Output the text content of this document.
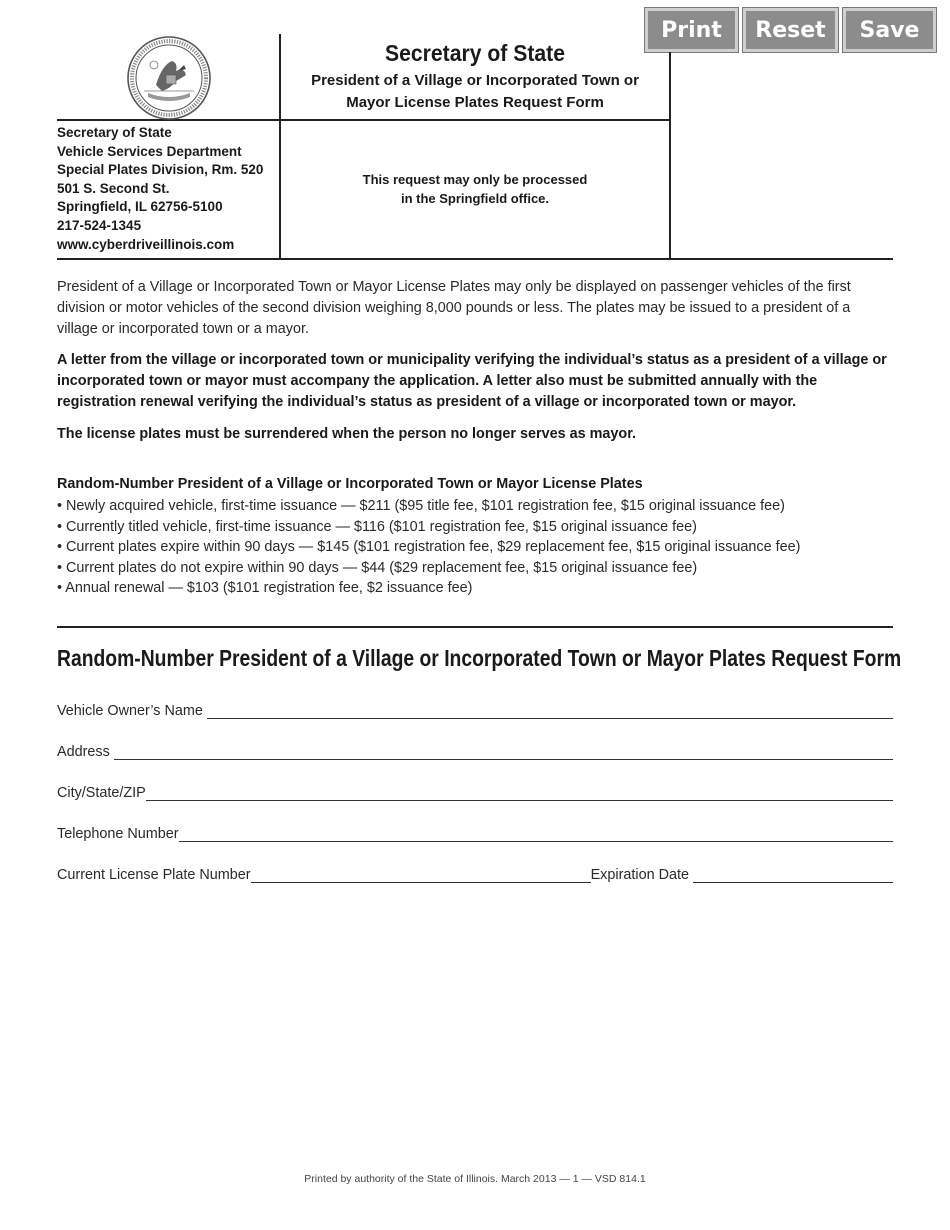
Print	Reset	Save
Secretary of State
President of a Village or Incorporated Town or
Mayor License Plates Request Form
Secretary of State
Vehicle Services Department
Special Plates Division, Rm. 520
501 S. Second St.
Springfield, IL 62756-5100
217-524-1345
www.cyberdriveillinois.com
This request may only be processed
in the Springfield office.
President of a Village or Incorporated Town or Mayor License Plates may only be displayed on passenger vehicles of the first division or motor vehicles of the second division weighing 8,000 pounds or less. The plates may be issued to a president of a village or incorporated town or a mayor.
A letter from the village or incorporated town or municipality verifying the individual’s status as a president of a village or incorporated town or mayor must accompany the application. A letter also must be submitted annually with the registration renewal verifying the individual’s status as president of a village or incorporated town or mayor.
The license plates must be surrendered when the person no longer serves as mayor.
Random-Number President of a Village or Incorporated Town or Mayor License Plates
• Newly acquired vehicle, first-time issuance — $211 ($95 title fee, $101 registration fee, $15 original issuance fee)
• Currently titled vehicle, first-time issuance — $116 ($101 registration fee, $15 original issuance fee)
• Current plates expire within 90 days — $145 ($101 registration fee, $29 replacement fee, $15 original issuance fee)
• Current plates do not expire within 90 days — $44 ($29 replacement fee, $15 original issuance fee)
• Annual renewal — $103 ($101 registration fee, $2 issuance fee)
Random-Number President of a Village or Incorporated Town or Mayor Plates Request Form
Vehicle Owner’s Name
Address
City/State/ZIP
Telephone Number
Current License Plate Number	Expiration Date
Printed by authority of the State of Illinois. March 2013 — 1 — VSD 814.1
